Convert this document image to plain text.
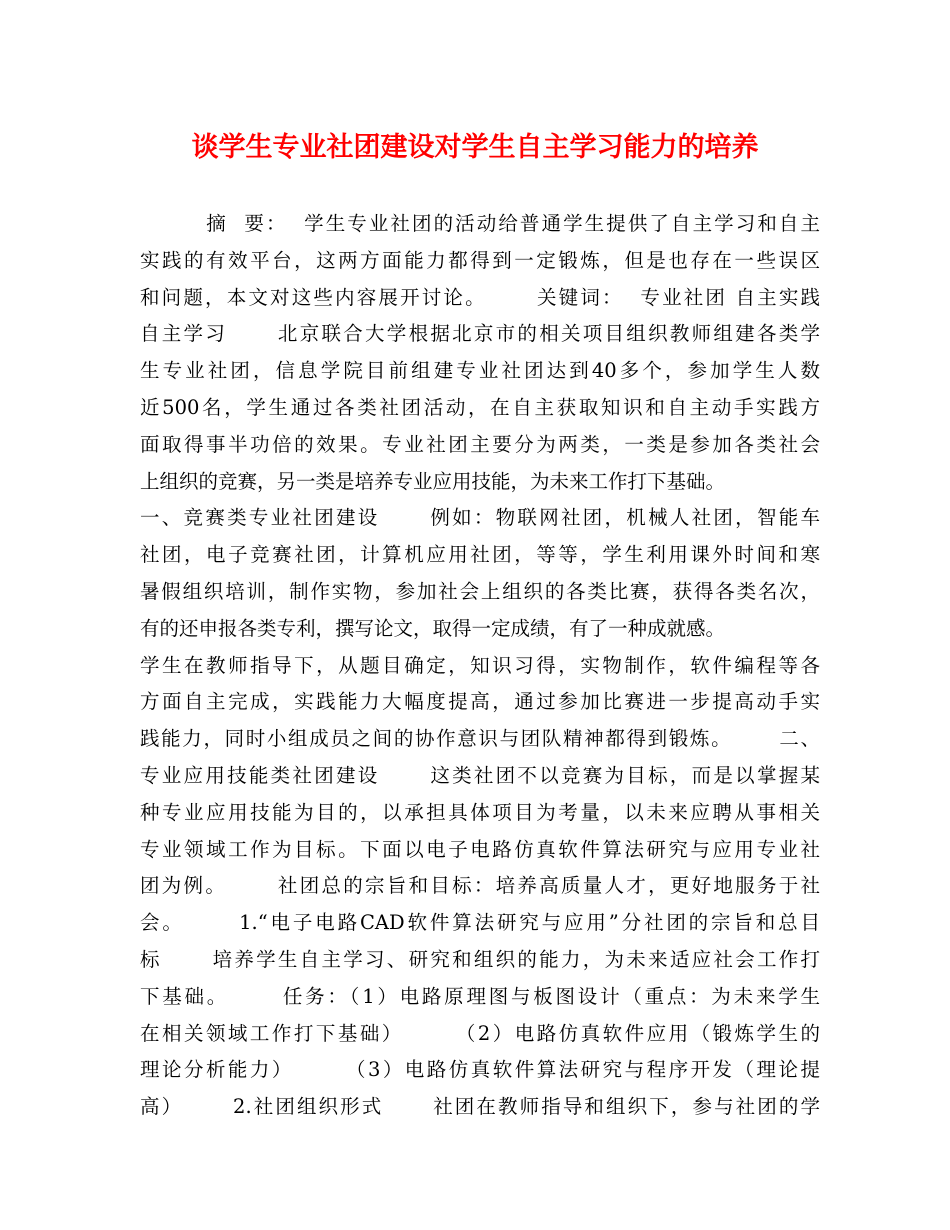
谈学生专业社团建设对学生自主学习能力的培养

摘  要：  学生专业社团的活动给普通学生提供了自主学习和自主

实践的有效平台，这两方面能力都得到一定锻炼，但是也存在一些误区

和问题，本文对这些内容展开讨论。      关键词：  专业社团 自主实践

自主学习      北京联合大学根据北京市的相关项目组织教师组建各类学

生专业社团，信息学院目前组建专业社团达到40多个，参加学生人数

近500名，学生通过各类社团活动，在自主获取知识和自主动手实践方

面取得事半功倍的效果。专业社团主要分为两类，一类是参加各类社会

上组织的竞赛，另一类是培养专业应用技能，为未来工作打下基础。

一、竞赛类专业社团建设      例如：物联网社团，机械人社团，智能车

社团，电子竞赛社团，计算机应用社团，等等，学生利用课外时间和寒

暑假组织培训，制作实物，参加社会上组织的各类比赛，获得各类名次，

有的还申报各类专利，撰写论文，取得一定成绩，有了一种成就感。

学生在教师指导下，从题目确定，知识习得，实物制作，软件编程等各

方面自主完成，实践能力大幅度提高，通过参加比赛进一步提高动手实

践能力，同时小组成员之间的协作意识与团队精神都得到锻炼。      二、

专业应用技能类社团建设      这类社团不以竞赛为目标，而是以掌握某

种专业应用技能为目的，以承担具体项目为考量，以未来应聘从事相关

专业领域工作为目标。下面以电子电路仿真软件算法研究与应用专业社

团为例。      社团总的宗旨和目标：培养高质量人才，更好地服务于社

会。      1.“电子电路CAD软件算法研究与应用”分社团的宗旨和总目

标      培养学生自主学习、研究和组织的能力，为未来适应社会工作打

下基础。      任务：（1）电路原理图与板图设计（重点：为未来学生

在相关领域工作打下基础）      （2）电路仿真软件应用（锻炼学生的

理论分析能力）      （3）电路仿真软件算法研究与程序开发（理论提

高）      2.社团组织形式      社团在教师指导和组织下，参与社团的学
